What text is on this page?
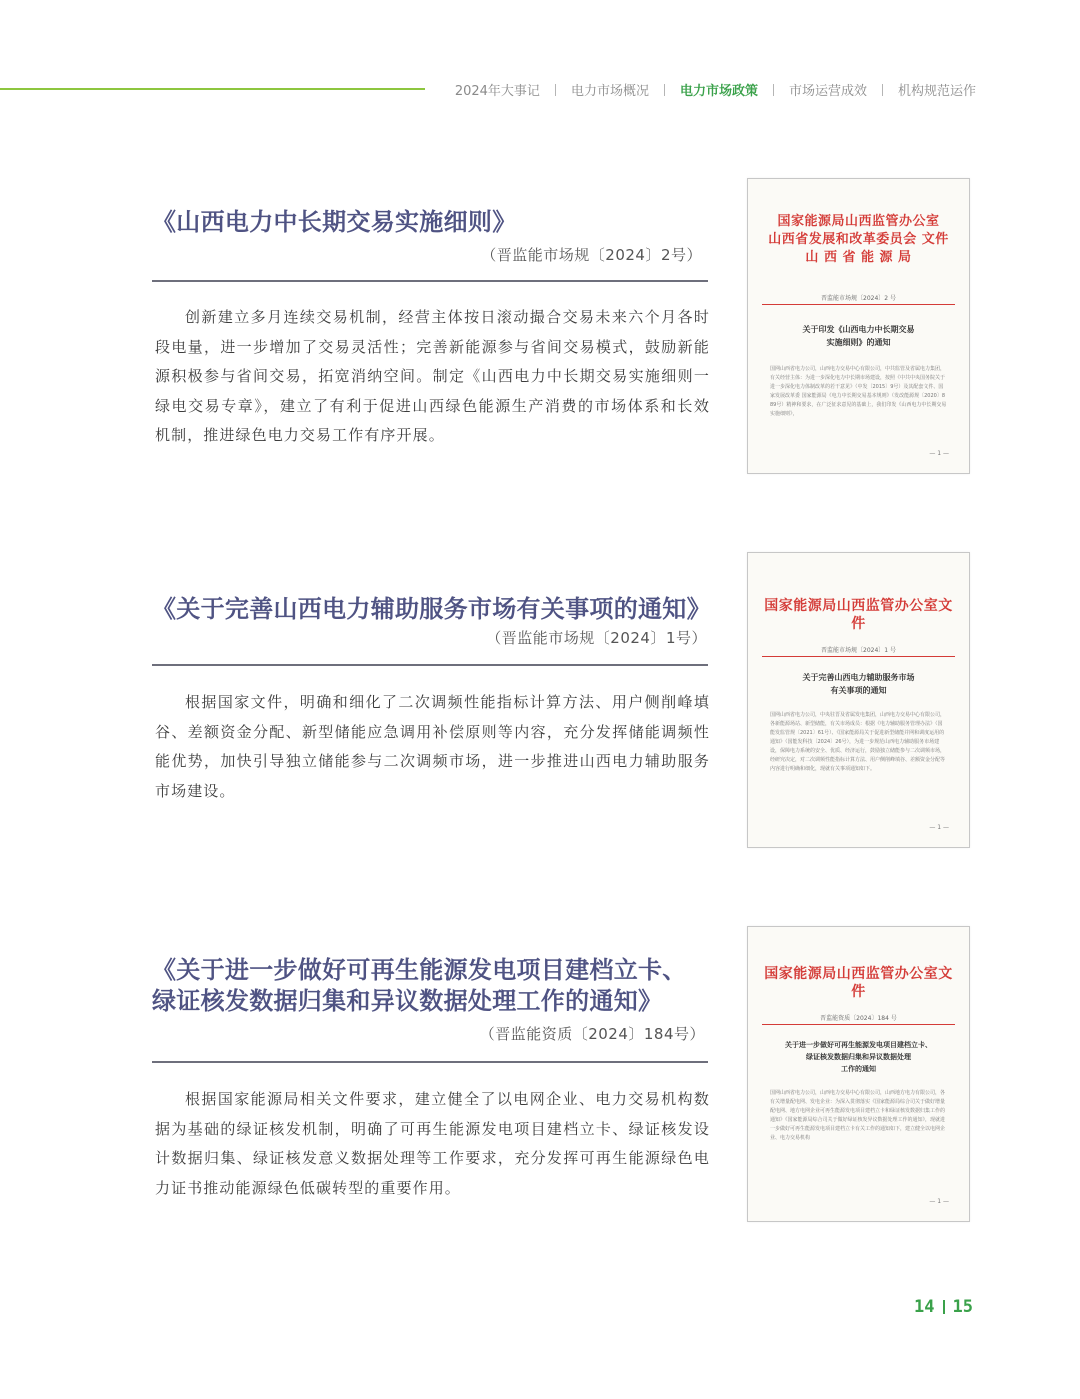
2024年大事记 电力市场概况 电力市场政策 市场运营成效 机构规范运作
《山西电力中长期交易实施细则》
（晋监能市场规〔2024〕2号）

创新建立多月连续交易机制，经营主体按日滚动撮合交易未来六个月各时段电量，进一步增加了交易灵活性；完善新能源参与省间交易模式，鼓励新能源积极参与省间交易，拓宽消纳空间。制定《山西电力中长期交易实施细则一绿电交易专章》，建立了有利于促进山西绿色能源生产消费的市场体系和长效机制，推进绿色电力交易工作有序开展。

国家能源局山西监管办公室
山西省发展和改革委员会 文件
山 西 省 能 源 局
晋监能市场规〔2024〕2 号
关于印发《山西电力中长期交易
实施细则》的通知
国网山西省电力公司，山西电力交易中心有限公司，中共监管及省属电力集团，有关经营主体：为进一步深化电力中长期市场建设，按照《中共中央国务院关于进一步深化电力体制改革的若干意见》（中发〔2015〕9号）及其配套文件、国家发展改革委 国家能源局《电力中长期交易基本规则》（发改能源规〔2020〕889号）精神和要求，在广泛征求意见的基础上，我们印发《山西电力中长期交易实施细则》，
— 1 —
《关于完善山西电力辅助服务市场有关事项的通知》
（晋监能市场规〔2024〕1号）

根据国家文件，明确和细化了二次调频性能指标计算方法、用户侧削峰填谷、差额资金分配、新型储能应急调用补偿原则等内容，充分发挥储能调频性能优势，加快引导独立储能参与二次调频市场，进一步推进山西电力辅助服务市场建设。

国家能源局山西监管办公室文件
晋监能市场规〔2024〕1 号
关于完善山西电力辅助服务市场
有关事项的通知
国网山西省电力公司，中央驻晋及省属发电集团，山西电力交易中心有限公司，各新能源场站、新型储能，有关市场成员：根据《电力辅助服务管理办法》（国能发监管规〔2021〕61号）、《国家能源局关于促进新型储能并网和调度运用的通知》（国能发科技〔2024〕26号），为进一步规范山西电力辅助服务市场建设，保障电力系统的安全、优质、经济运行，鼓励独立储能参与二次调频市场，经研究决定，对二次调频性能指标计算方法、用户侧削峰填谷、差额资金分配等内容进行明确和细化，现就有关事项通知如下。
— 1 —
《关于进一步做好可再生能源发电项目建档立卡、
绿证核发数据归集和异议数据处理工作的通知》
（晋监能资质〔2024〕184号）

根据国家能源局相关文件要求，建立健全了以电网企业、电力交易机构数据为基础的绿证核发机制，明确了可再生能源发电项目建档立卡、绿证核发设计数据归集、绿证核发意义数据处理等工作要求，充分发挥可再生能源绿色电力证书推动能源绿色低碳转型的重要作用。

国家能源局山西监管办公室文件
晋监能资质〔2024〕184 号
关于进一步做好可再生能源发电项目建档立卡、
绿证核发数据归集和异议数据处理
工作的通知
国网山西省电力公司，山西电力交易中心有限公司，山西地方电力有限公司，各有关增量配电网、发电企业：为深入贯彻落实《国家能源局综合司关于做好增量配电网、地方电网企业可再生能源发电项目建档立卡和绿证核发数据归集工作的通知》《国家能源局综合司关于做好绿证核发异议数据处理工作的通知》，现就进一步做好可再生能源发电项目建档立卡有关工作的通知如下，建立健全以电网企业、电力交易机构
— 1 —
14 15
